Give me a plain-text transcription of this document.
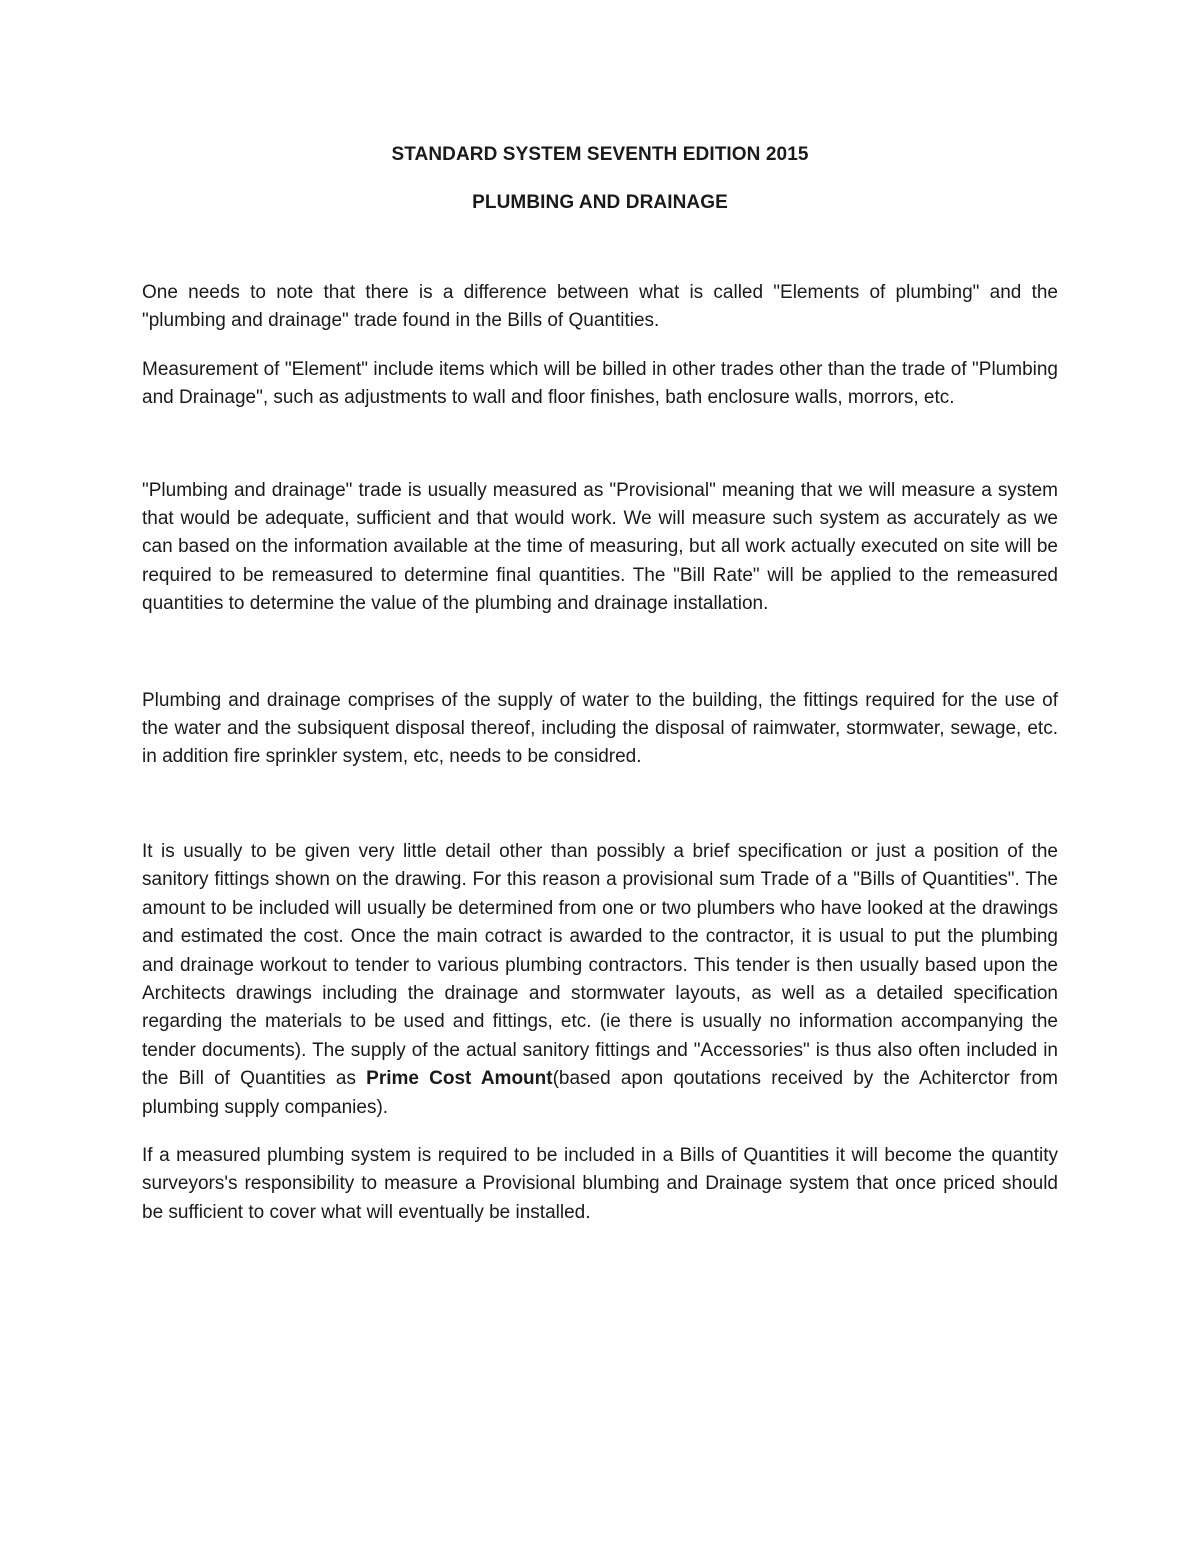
STANDARD SYSTEM SEVENTH EDITION 2015
PLUMBING AND DRAINAGE

One needs to note that there is a difference between what is called "Elements of plumbing" and the "plumbing and drainage" trade found in the Bills of Quantities.

Measurement of "Element" include items which will be billed in other trades other than the trade of "Plumbing and Drainage", such as adjustments to wall and floor finishes, bath enclosure walls, morrors, etc.

"Plumbing and drainage" trade is usually measured as "Provisional" meaning that we will measure a system that would be adequate, sufficient and that would work. We will measure such system as accurately as we can based on the information available at the time of measuring, but all work actually executed on site will be required to be remeasured to determine final quantities. The "Bill Rate" will be applied to the remeasured quantities to determine the value of the plumbing and drainage installation.

Plumbing and drainage comprises of the supply of water to the building, the fittings required for the use of the water and the subsiquent disposal thereof, including the disposal of raimwater, stormwater, sewage, etc. in addition fire sprinkler system, etc, needs to be considred.

It is usually to be given very little detail other than possibly a brief specification or just a position of the sanitory fittings shown on the drawing. For this reason a provisional sum Trade of a "Bills of Quantities". The amount to be included will usually be determined from one or two plumbers who have looked at the drawings and estimated the cost. Once the main cotract is awarded to the contractor, it is usual to put the plumbing and drainage workout to tender to various plumbing contractors. This tender is then usually based upon the Architects drawings including the drainage and stormwater layouts, as well as a detailed specification regarding the materials to be used and fittings, etc. (ie there is usually no information accompanying the tender documents). The supply of the actual sanitory fittings and "Accessories" is thus also often included in the Bill of Quantities as Prime Cost Amount(based apon qoutations received by the Achiterctor from plumbing supply companies).

If a measured plumbing system is required to be included in a Bills of Quantities it will become the quantity surveyors's responsibility to measure a Provisional blumbing and Drainage system that once priced should be sufficient to cover what will eventually be installed.
